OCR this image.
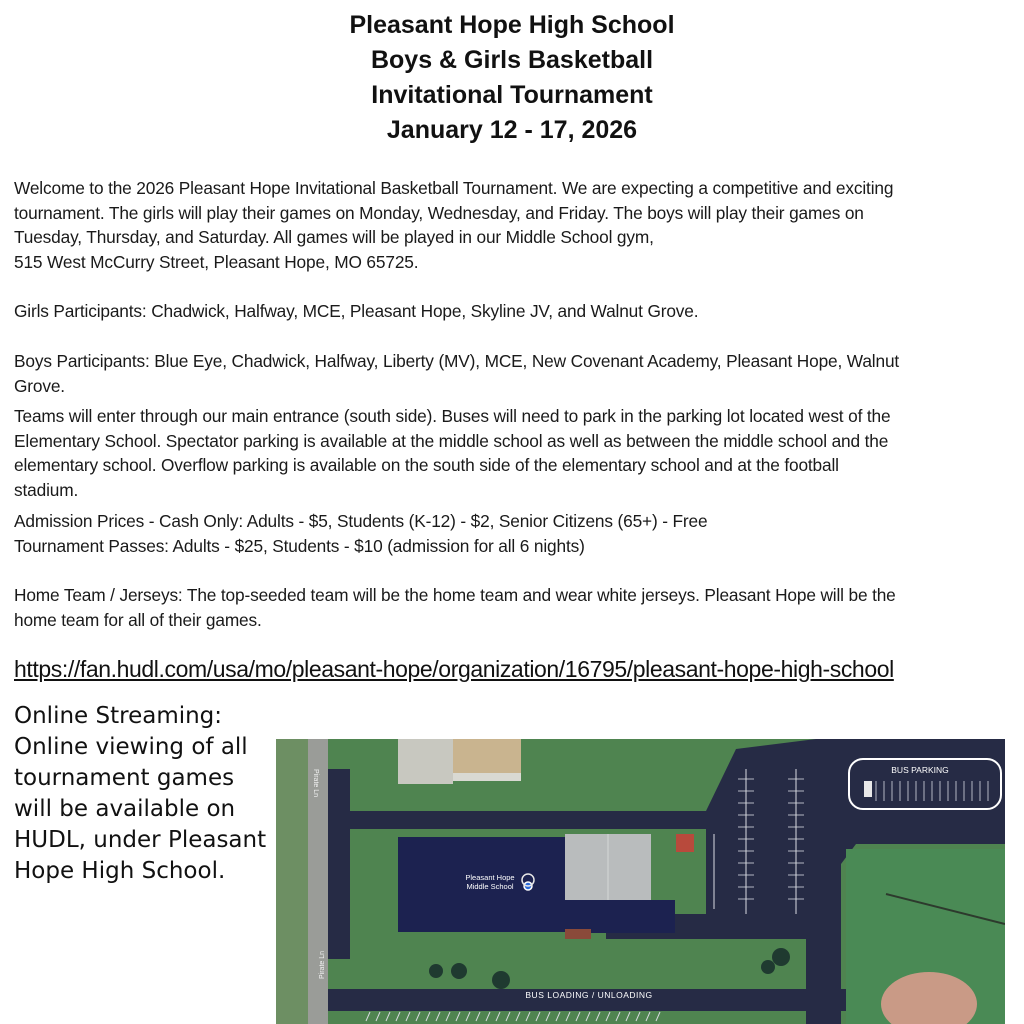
Pleasant Hope High School
Boys & Girls Basketball
Invitational Tournament
January 12 - 17, 2026
Welcome to the 2026 Pleasant Hope Invitational Basketball Tournament. We are expecting a competitive and exciting
tournament. The girls will play their games on Monday, Wednesday, and Friday. The boys will play their games on
Tuesday, Thursday, and Saturday. All games will be played in our Middle School gym,
515 West McCurry Street, Pleasant Hope, MO 65725.
Girls Participants: Chadwick, Halfway, MCE, Pleasant Hope, Skyline JV, and Walnut Grove.
Boys Participants: Blue Eye, Chadwick, Halfway, Liberty (MV), MCE, New Covenant Academy, Pleasant Hope, Walnut
Grove.
Teams will enter through our main entrance (south side). Buses will need to park in the parking lot located west of the
Elementary School. Spectator parking is available at the middle school as well as between the middle school and the
elementary school. Overflow parking is available on the south side of the elementary school and at the football
stadium.
Admission Prices - Cash Only: Adults - $5, Students (K-12) - $2, Senior Citizens (65+) - Free
Tournament Passes: Adults - $25, Students - $10 (admission for all 6 nights)
Home Team / Jerseys: The top-seeded team will be the home team and wear white jerseys. Pleasant Hope will be the
home team for all of their games.
https://fan.hudl.com/usa/mo/pleasant-hope/organization/16795/pleasant-hope-high-school
Online Streaming:
Online viewing of all
tournament games
will be available on
HUDL, under Pleasant
Hope High School.	Pleasant Hope
Middle School
BUS LOADING / UNLOADING
BUS PARKING
Pirate Ln
Pirate Ln
